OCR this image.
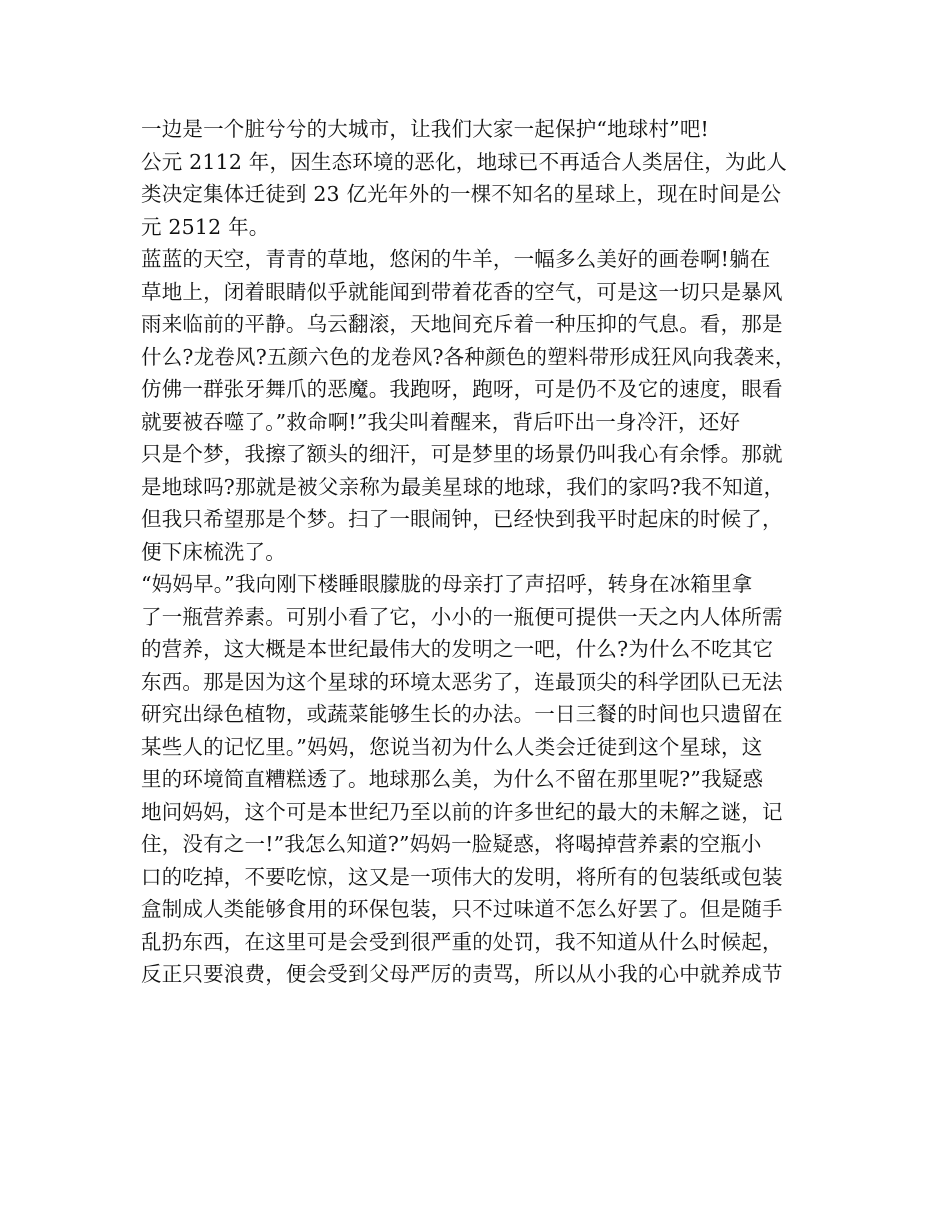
一边是一个脏兮兮的大城市，让我们大家一起保护“地球村”吧!
公元 2112 年，因生态环境的恶化，地球已不再适合人类居住，为此人
类决定集体迁徒到 23 亿光年外的一棵不知名的星球上，现在时间是公
元 2512 年。
蓝蓝的天空，青青的草地，悠闲的牛羊，一幅多么美好的画卷啊!躺在
草地上，闭着眼睛似乎就能闻到带着花香的空气，可是这一切只是暴风
雨来临前的平静。乌云翻滚，天地间充斥着一种压抑的气息。看，那是
什么?龙卷风?五颜六色的龙卷风?各种颜色的塑料带形成狂风向我袭来，
仿佛一群张牙舞爪的恶魔。我跑呀，跑呀，可是仍不及它的速度，眼看
就要被吞噬了。”救命啊!”我尖叫着醒来，背后吓出一身冷汗，还好
只是个梦，我擦了额头的细汗，可是梦里的场景仍叫我心有余悸。那就
是地球吗?那就是被父亲称为最美星球的地球，我们的家吗?我不知道，
但我只希望那是个梦。扫了一眼闹钟，已经快到我平时起床的时候了，
便下床梳洗了。
“妈妈早。”我向刚下楼睡眼朦胧的母亲打了声招呼，转身在冰箱里拿
了一瓶营养素。可别小看了它，小小的一瓶便可提供一天之内人体所需
的营养，这大概是本世纪最伟大的发明之一吧，什么?为什么不吃其它
东西。那是因为这个星球的环境太恶劣了，连最顶尖的科学团队已无法
研究出绿色植物，或蔬菜能够生长的办法。一日三餐的时间也只遗留在
某些人的记忆里。”妈妈，您说当初为什么人类会迁徒到这个星球，这
里的环境简直糟糕透了。地球那么美，为什么不留在那里呢?”我疑惑
地问妈妈，这个可是本世纪乃至以前的许多世纪的最大的未解之谜，记
住，没有之一!”我怎么知道?”妈妈一脸疑惑，将喝掉营养素的空瓶小
口的吃掉，不要吃惊，这又是一项伟大的发明，将所有的包装纸或包装
盒制成人类能够食用的环保包装，只不过味道不怎么好罢了。但是随手
乱扔东西，在这里可是会受到很严重的处罚，我不知道从什么时候起，
反正只要浪费，便会受到父母严厉的责骂，所以从小我的心中就养成节
